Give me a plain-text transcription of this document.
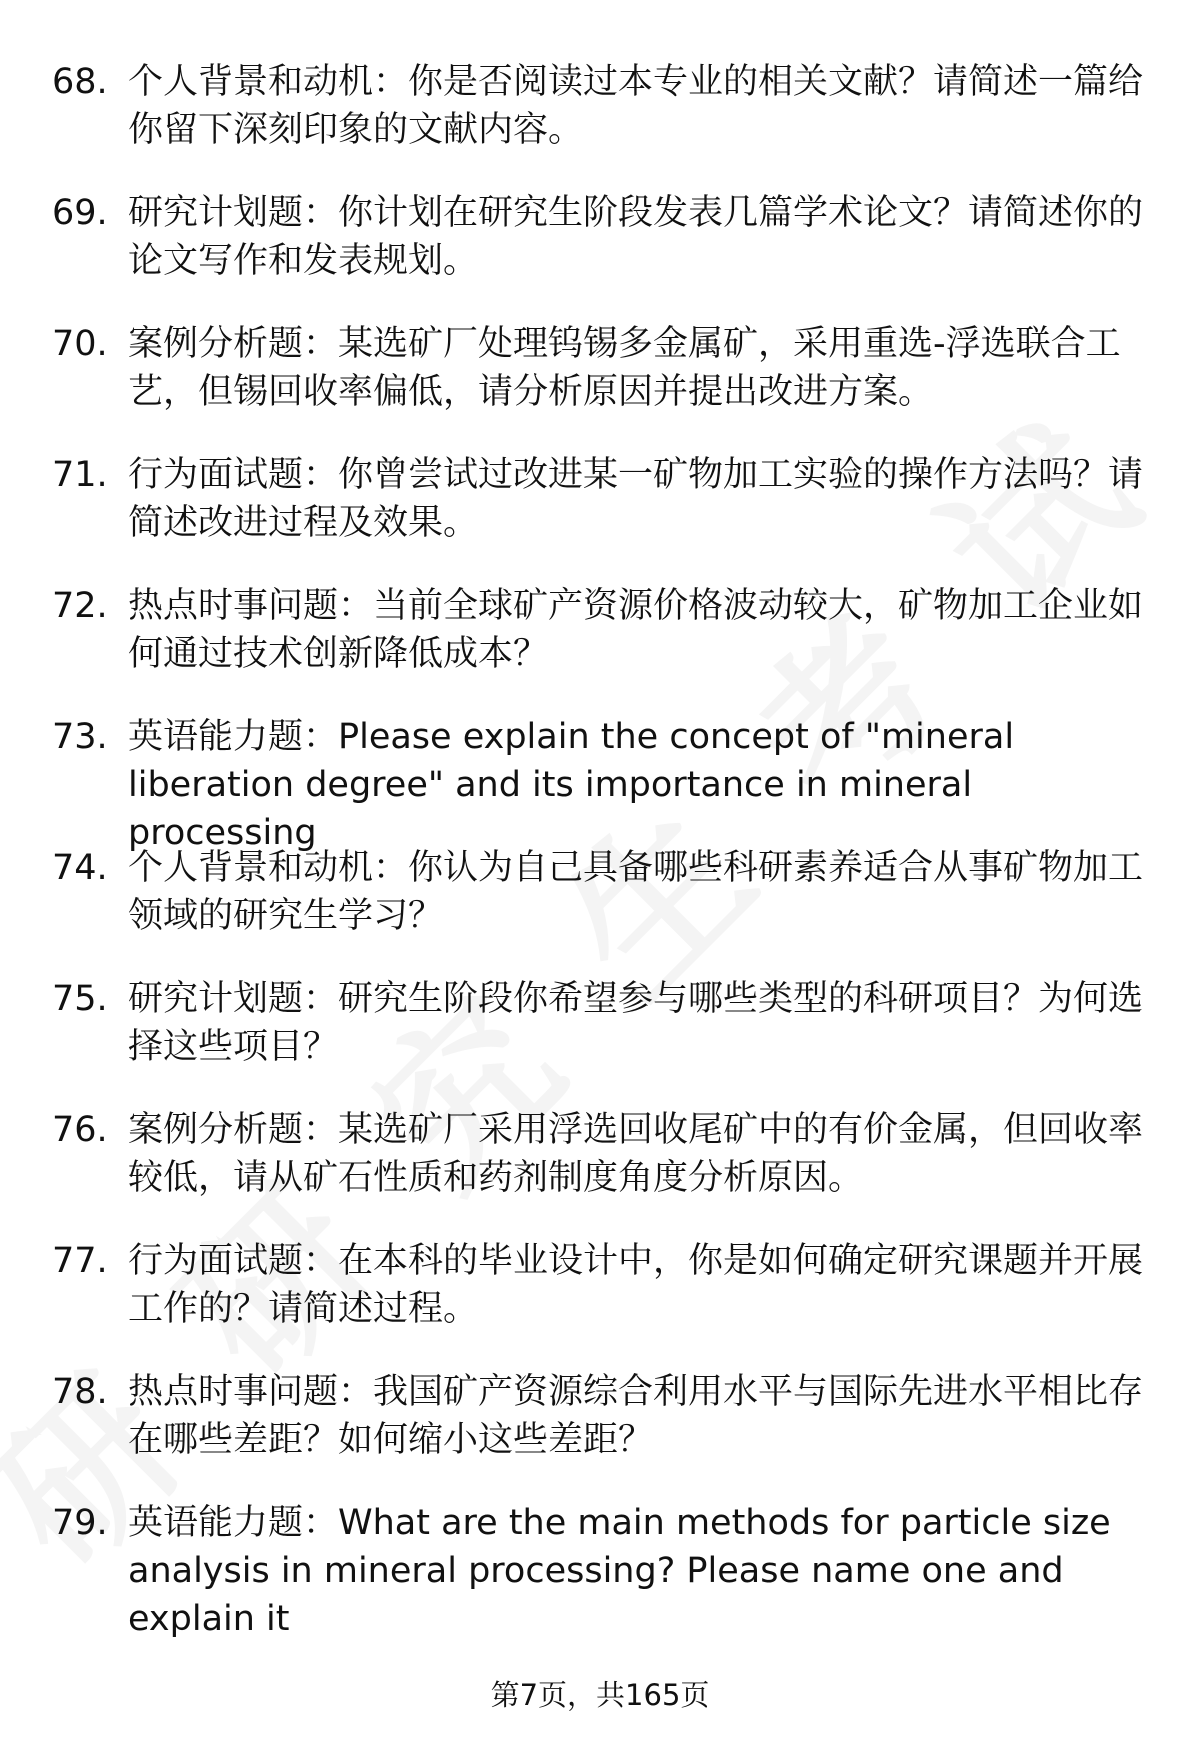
68. 个人背景和动机：你是否阅读过本专业的相关文献？请简述一篇给你留下深刻印象的文献内容。
69. 研究计划题：你计划在研究生阶段发表几篇学术论文？请简述你的论文写作和发表规划。
70. 案例分析题：某选矿厂处理钨锡多金属矿，采用重选-浮选联合工艺，但锡回收率偏低，请分析原因并提出改进方案。
71. 行为面试题：你曾尝试过改进某一矿物加工实验的操作方法吗？请简述改进过程及效果。
72. 热点时事问题：当前全球矿产资源价格波动较大，矿物加工企业如何通过技术创新降低成本？
73. 英语能力题：Please explain the concept of "mineral liberation degree" and its importance in mineral processing
74. 个人背景和动机：你认为自己具备哪些科研素养适合从事矿物加工领域的研究生学习？
75. 研究计划题：研究生阶段你希望参与哪些类型的科研项目？为何选择这些项目？
76. 案例分析题：某选矿厂采用浮选回收尾矿中的有价金属，但回收率较低，请从矿石性质和药剂制度角度分析原因。
77. 行为面试题：在本科的毕业设计中，你是如何确定研究课题并开展工作的？请简述过程。
78. 热点时事问题：我国矿产资源综合利用水平与国际先进水平相比存在哪些差距？如何缩小这些差距？
79. 英语能力题：What are the main methods for particle size analysis in mineral processing? Please name one and explain it
第7页，共165页
